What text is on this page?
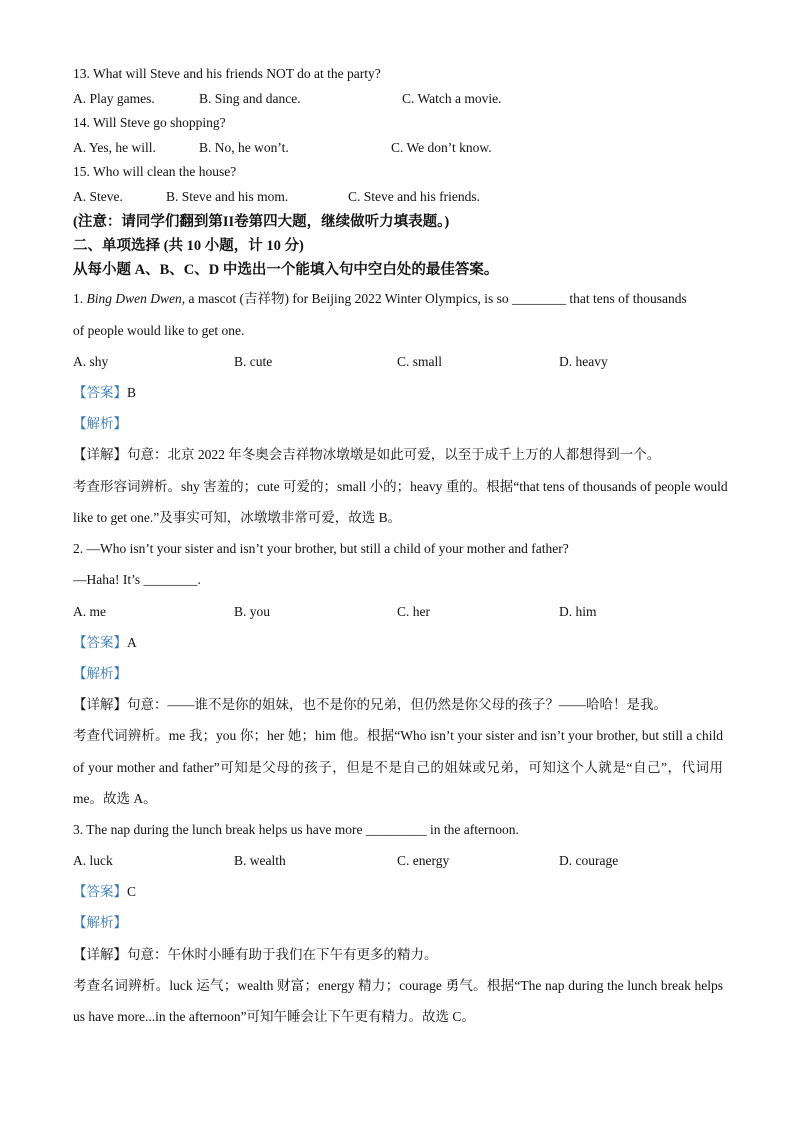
13. What will Steve and his friends NOT do at the party?
A. Play games.	B. Sing and dance.	C. Watch a movie.
14. Will Steve go shopping?
A. Yes, he will.	B. No, he won’t.	C. We don’t know.
15. Who will clean the house?
A. Steve.	B. Steve and his mom.	C. Steve and his friends.
(注意：请同学们翻到第II卷第四大题，继续做听力填表题。)
二、单项选择 (共 10 小题，计 10 分)
从每小题 A、B、C、D 中选出一个能填入句中空白处的最佳答案。
1. Bing Dwen Dwen, a mascot (吉祥物) for Beijing 2022 Winter Olympics, is so ________ that tens of thousands
of people would like to get one.
A. shy	B. cute	C. small	D. heavy
【答案】B
【解析】
【详解】句意：北京 2022 年冬奥会吉祥物冰墩墩是如此可爱，以至于成千上万的人都想得到一个。
考查形容词辨析。shy 害羞的；cute 可爱的；small 小的；heavy 重的。根据“that tens of thousands of people would
like to get one.”及事实可知，冰墩墩非常可爱，故选 B。
2. —Who isn’t your sister and isn’t your brother, but still a child of your mother and father?
—Haha! It’s ________.
A. me	B. you	C. her	D. him
【答案】A
【解析】
【详解】句意：——谁不是你的姐妹，也不是你的兄弟，但仍然是你父母的孩子？——哈哈！是我。
考查代词辨析。me 我；you 你；her 她；him 他。根据“Who isn’t your sister and isn’t your brother, but still a child
of your mother and father”可知是父母的孩子，但是不是自己的姐妹或兄弟，可知这个人就是“自己”，代词用
me。故选 A。
3. The nap during the lunch break helps us have more _________ in the afternoon.
A. luck	B. wealth	C. energy	D. courage
【答案】C
【解析】
【详解】句意：午休时小睡有助于我们在下午有更多的精力。
考查名词辨析。luck 运气；wealth 财富；energy 精力；courage 勇气。根据“The nap during the lunch break helps
us have more...in the afternoon”可知午睡会让下午更有精力。故选 C。
